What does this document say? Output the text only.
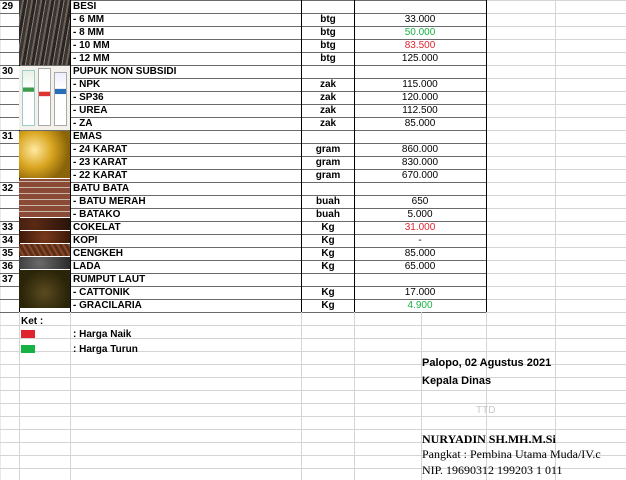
29	BESI
- 6 MM	btg	33.000
- 8 MM	btg	50.000
- 10 MM	btg	83.500
- 12 MM	btg	125.000
30	PUPUK NON SUBSIDI
- NPK	zak	115.000
- SP36	zak	120.000
- UREA	zak	112.500
- ZA	zak	85.000
31	EMAS
- 24 KARAT	gram	860.000
- 23 KARAT	gram	830.000
- 22 KARAT	gram	670.000
32	BATU BATA
- BATU MERAH	buah	650
- BATAKO	buah	5.000
33	COKELAT	Kg	31.000
34	KOPI	Kg	-
35	CENGKEH	Kg	85.000
36	LADA	Kg	65.000
37	RUMPUT LAUT
- CATTONIK	Kg	17.000
- GRACILARIA	Kg	4.900
Ket :
: Harga Naik
: Harga Turun
Palopo, 02 Agustus 2021
Kepala Dinas
TTD
NURYADIN SH.MH.M.Si
Pangkat : Pembina Utama Muda/IV.c
NIP. 19690312 199203 1 011
